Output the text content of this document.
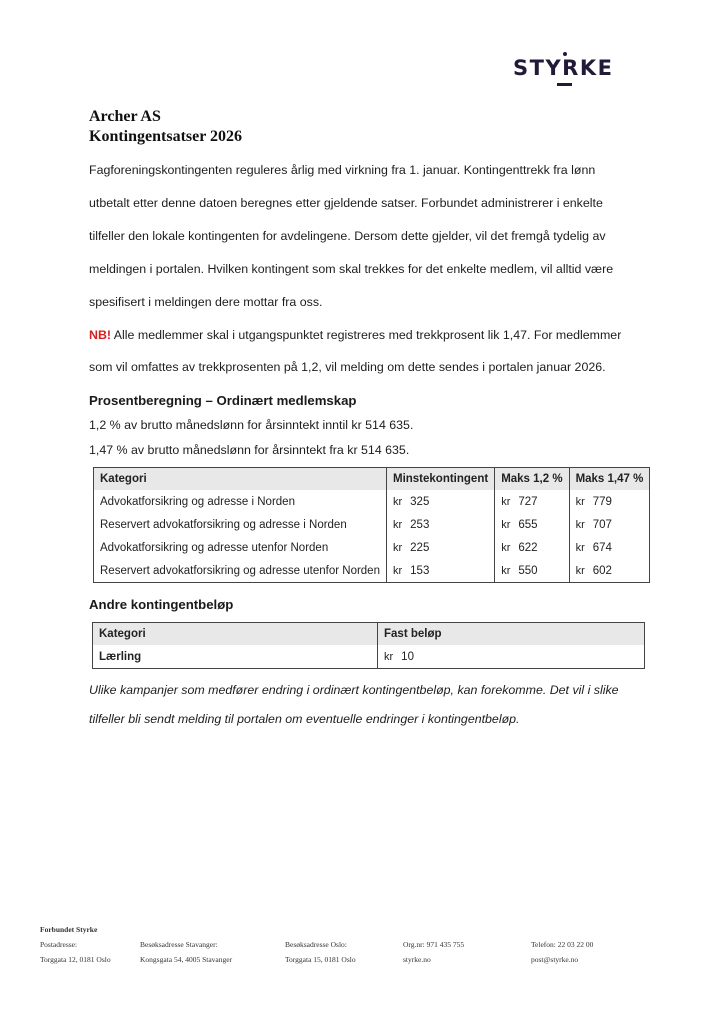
STYRKE
Archer AS
Kontingentsatser 2026
Fagforeningskontingenten reguleres årlig med virkning fra 1. januar. Kontingenttrekk fra lønn
utbetalt etter denne datoen beregnes etter gjeldende satser. Forbundet administrerer i enkelte
tilfeller den lokale kontingenten for avdelingene. Dersom dette gjelder, vil det fremgå tydelig av
meldingen i portalen. Hvilken kontingent som skal trekkes for det enkelte medlem, vil alltid være
spesifisert i meldingen dere mottar fra oss.
NB! Alle medlemmer skal i utgangspunktet registreres med trekkprosent lik 1,47. For medlemmer
som vil omfattes av trekkprosenten på 1,2, vil melding om dette sendes i portalen januar 2026.
Prosentberegning – Ordinært medlemskap
1,2 % av brutto månedslønn for årsinntekt inntil kr 514 635.
1,47 % av brutto månedslønn for årsinntekt fra kr 514 635.
Kategori	Minstekontingent	Maks 1,2 %	Maks 1,47 %
Advokatforsikring og adresse i Norden	kr 325	kr 727	kr 779
Reservert advokatforsikring og adresse i Norden	kr 253	kr 655	kr 707
Advokatforsikring og adresse utenfor Norden	kr 225	kr 622	kr 674
Reservert advokatforsikring og adresse utenfor Norden	kr 153	kr 550	kr 602
Andre kontingentbeløp
Kategori	Fast beløp
Lærling	kr 10
Ulike kampanjer som medfører endring i ordinært kontingentbeløp, kan forekomme. Det vil i slike
tilfeller bli sendt melding til portalen om eventuelle endringer i kontingentbeløp.
Forbundet Styrke
Postadresse:
Torggata 12, 0181 Oslo
Besøksadresse Stavanger:
Kongsgata 54, 4005 Stavanger
Besøksadresse Oslo:
Torggata 15, 0181 Oslo
Org.nr: 971 435 755
styrke.no
Telefon: 22 03 22 00
post@styrke.no
